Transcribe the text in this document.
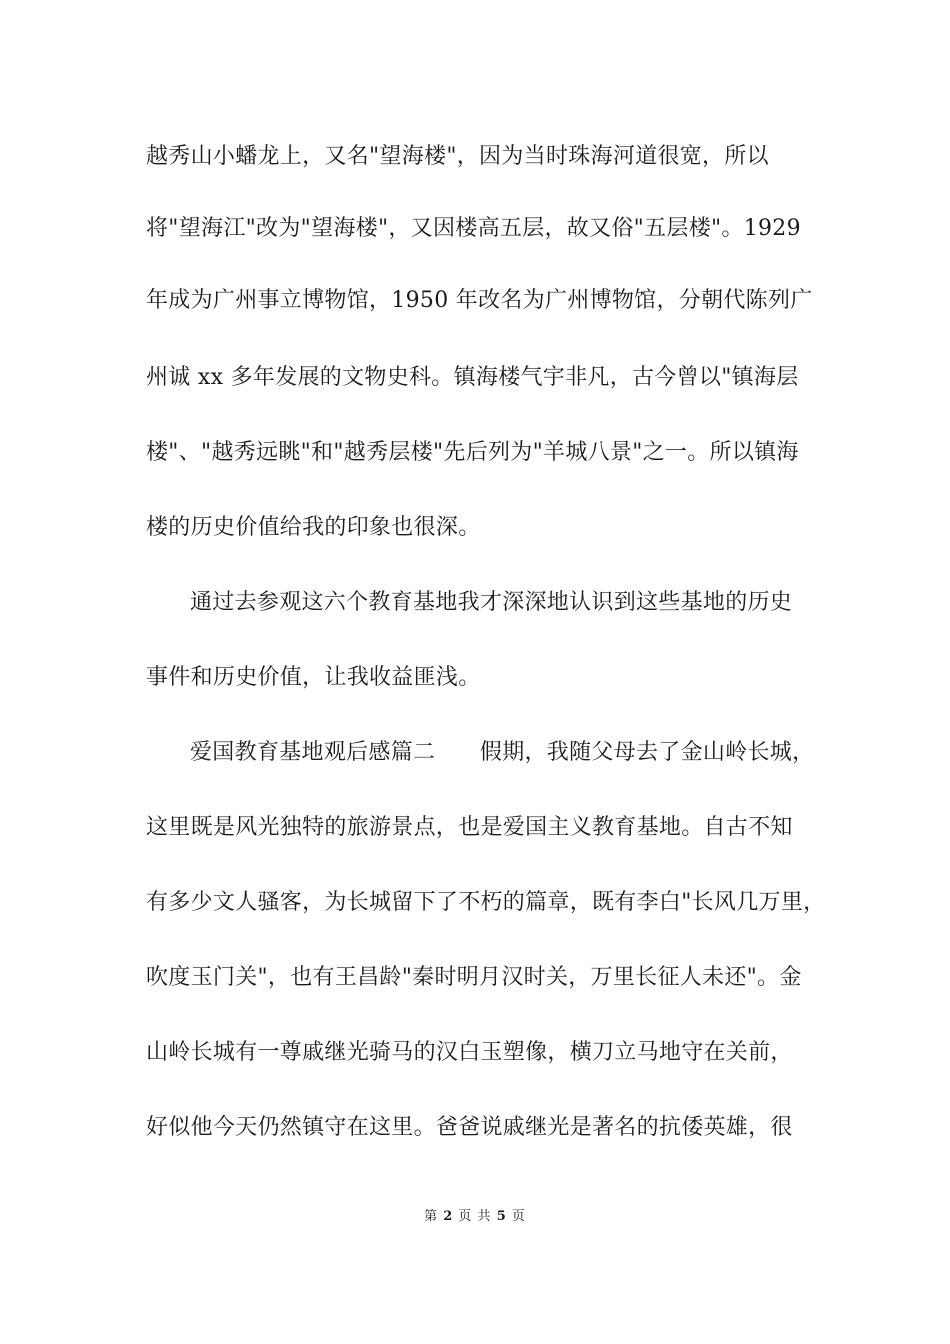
越秀山小蟠龙上，又名"望海楼"，因为当时珠海河道很宽，所以
将"望海江"改为"望海楼"，又因楼高五层，故又俗"五层楼"。1929
年成为广州事立博物馆，1950 年改名为广州博物馆，分朝代陈列广
州诚 xx 多年发展的文物史科。镇海楼气宇非凡，古今曾以"镇海层
楼"、"越秀远眺"和"越秀层楼"先后列为"羊城八景"之一。所以镇海
楼的历史价值给我的印象也很深。
通过去参观这六个教育基地我才深深地认识到这些基地的历史
事件和历史价值，让我收益匪浅。
爱国教育基地观后感篇二　　假期，我随父母去了金山岭长城，
这里既是风光独特的旅游景点，也是爱国主义教育基地。自古不知
有多少文人骚客，为长城留下了不朽的篇章，既有李白"长风几万里，
吹度玉门关"，也有王昌龄"秦时明月汉时关，万里长征人未还"。金
山岭长城有一尊戚继光骑马的汉白玉塑像，横刀立马地守在关前，
好似他今天仍然镇守在这里。爸爸说戚继光是著名的抗倭英雄，很
第 2 页 共 5 页
